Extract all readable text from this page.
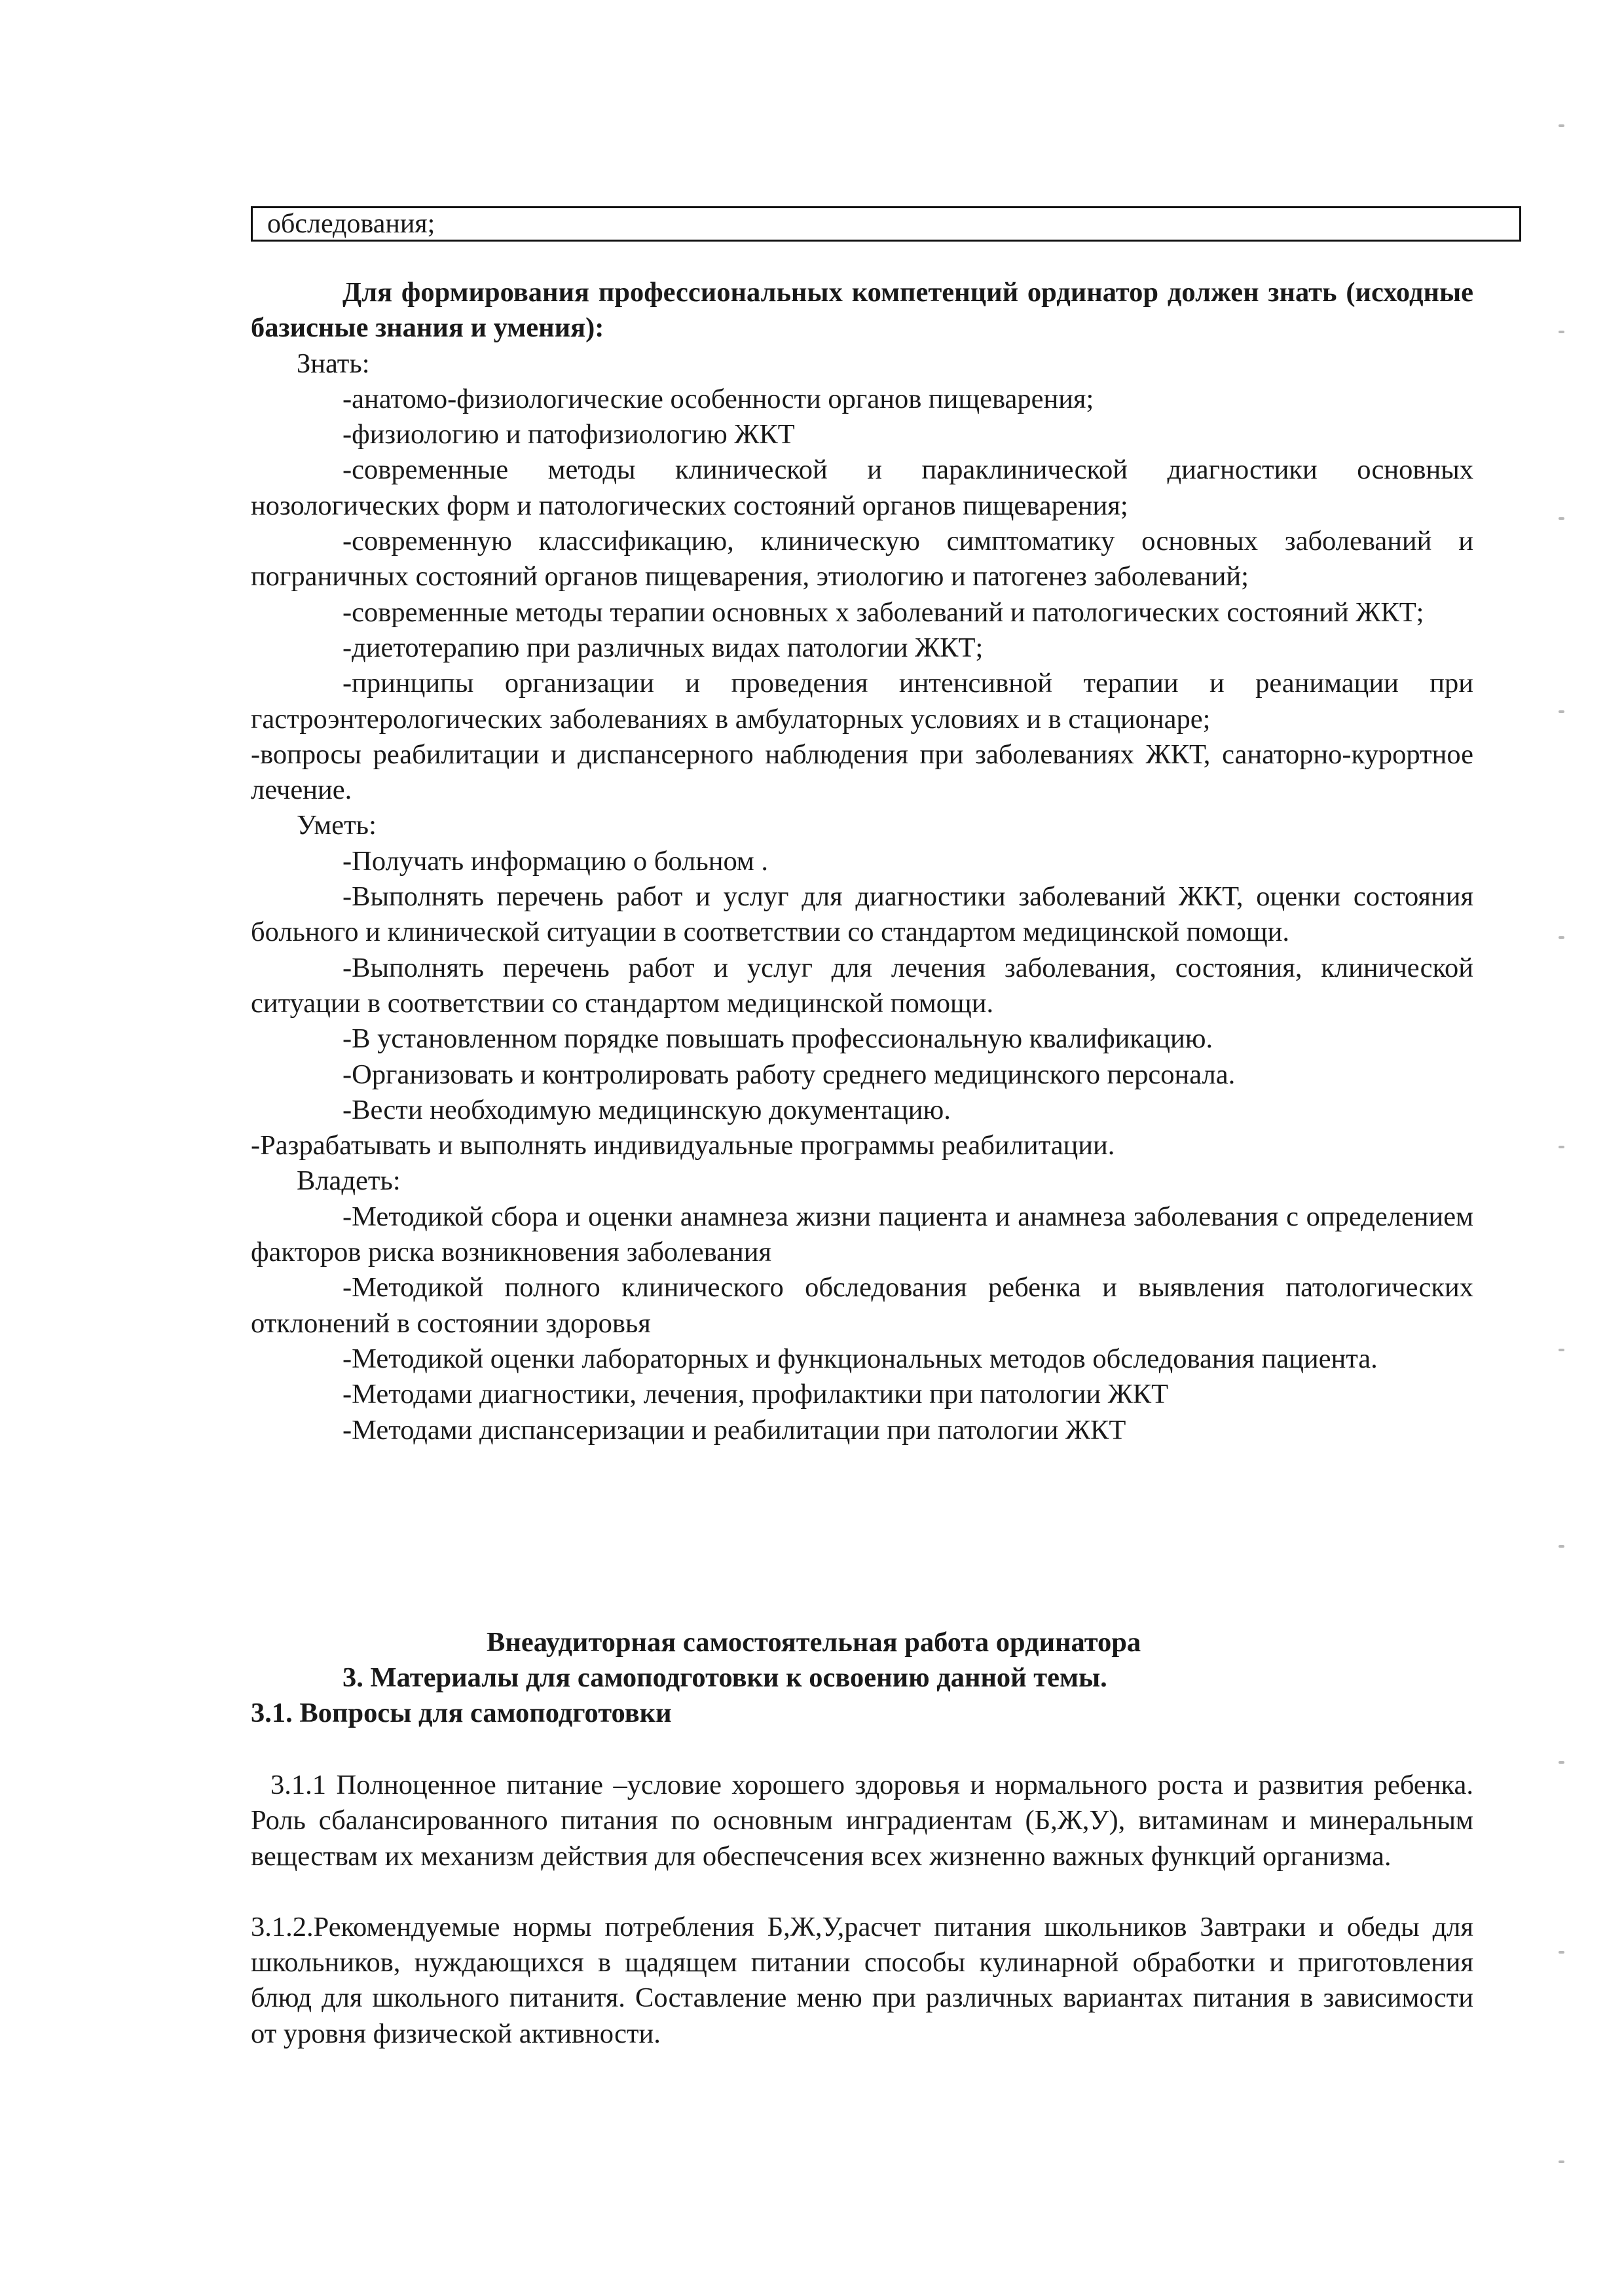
обследования;

Для формирования профессиональных компетенций ординатор должен знать (исходные базисные знания и умения):

Знать:

-анатомо-физиологические особенности органов пищеварения;

-физиологию и патофизиологию ЖКТ

-современные методы клинической и параклинической диагностики основных нозологических форм и патологических состояний органов пищеварения;

-современную классификацию, клиническую симптоматику основных заболеваний и пограничных состояний органов пищеварения, этиологию и патогенез заболеваний;

-современные методы терапии основных х заболеваний и патологических состояний ЖКТ;

-диетотерапию при различных видах патологии ЖКТ;

-принципы организации и проведения интенсивной терапии и реанимации при гастроэнтерологических заболеваниях в амбулаторных условиях и в стационаре;

-вопросы реабилитации и диспансерного наблюдения при заболеваниях ЖКТ, санаторно-курортное лечение.

Уметь:

-Получать информацию о больном .

-Выполнять перечень работ и услуг для диагностики заболеваний ЖКТ, оценки состояния больного и клинической ситуации в соответствии со стандартом медицинской помощи.

-Выполнять перечень работ и услуг для лечения заболевания, состояния, клинической ситуации в соответствии со стандартом медицинской помощи.

-В установленном порядке повышать профессиональную квалификацию.

-Организовать и контролировать работу среднего медицинского персонала.

-Вести необходимую медицинскую документацию.

-Разрабатывать и выполнять индивидуальные программы реабилитации.

Владеть:

-Методикой сбора и оценки анамнеза жизни пациента и анамнеза заболевания с определением факторов риска возникновения заболевания

-Методикой полного клинического обследования ребенка и выявления патологических отклонений в состоянии здоровья

-Методикой оценки лабораторных и функциональных методов обследования пациента.

-Методами диагностики, лечения, профилактики при патологии ЖКТ

-Методами диспансеризации и реабилитации при патологии ЖКТ

Внеаудиторная самостоятельная работа ординатора
3. Материалы для самоподготовки к освоению данной темы.
3.1. Вопросы для самоподготовки

3.1.1 Полноценное питание –условие хорошего здоровья и нормального роста и развития ребенка. Роль сбалансированного питания по основным ингрaдиентам (Б,Ж,У), витаминам и минеральным веществам их механизм действия для обеспечсения всех жизненно важных функций организма.

3.1.2.Рекомендуемые нормы потребления Б,Ж,У,расчет питания школьников Завтраки и обеды для школьников, нуждающихся в щадящем питании способы кулинарной обработки и приготовления блюд для школьного питанитя. Составление меню при различных вариантах питания в зависимости от уровня физической активности.
